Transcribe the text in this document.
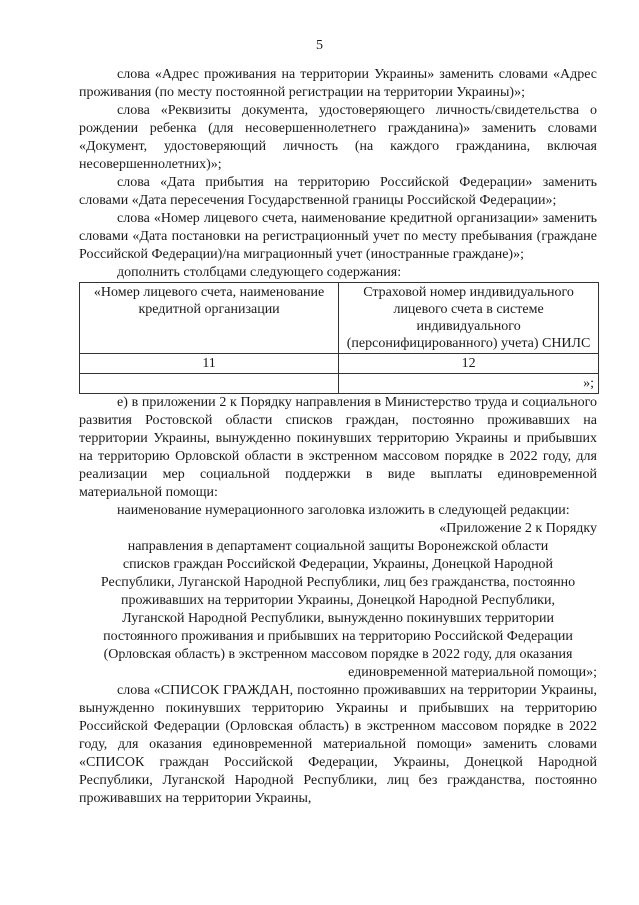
5

слова «Адрес проживания на территории Украины» заменить словами «Адрес проживания (по месту постоянной регистрации на территории Украины)»;

слова «Реквизиты документа, удостоверяющего личность/свидетельства о рождении ребенка (для несовершеннолетнего гражданина)» заменить словами «Документ, удостоверяющий личность (на каждого гражданина, включая несовершеннолетних)»;

слова «Дата прибытия на территорию Российской Федерации» заменить словами «Дата пересечения Государственной границы Российской Федерации»;

слова «Номер лицевого счета, наименование кредитной организации» заменить словами «Дата постановки на регистрационный учет по месту пребывания (граждане Российской Федерации)/на миграционный учет (иностранные граждане)»;

дополнить столбцами следующего содержания:

«Номер лицевого счета, наименование кредитной организации	Страховой номер индивидуального лицевого счета в системе индивидуального (персонифицированного) учета) СНИЛС
11	12
	»;

е) в приложении 2 к Порядку направления в Министерство труда и социального развития Ростовской области списков граждан, постоянно проживавших на территории Украины, вынужденно покинувших территорию Украины и прибывших на территорию Орловской области в экстренном массовом порядке в 2022 году, для реализации мер социальной поддержки в виде выплаты единовременной материальной помощи:

наименование нумерационного заголовка изложить в следующей редакции:

«Приложение 2 к Порядку

направления в департамент социальной защиты Воронежской области

списков граждан Российской Федерации, Украины, Донецкой Народной

Республики, Луганской Народной Республики, лиц без гражданства, постоянно

проживавших на территории Украины, Донецкой Народной Республики,

Луганской Народной Республики, вынужденно покинувших территории

постоянного проживания и прибывших на территорию Российской Федерации

(Орловская область) в экстренном массовом порядке в 2022 году, для оказания

единовременной материальной помощи»;

слова «СПИСОК ГРАЖДАН, постоянно проживавших на территории Украины, вынужденно покинувших территорию Украины и прибывших на территорию Российской Федерации (Орловская область) в экстренном массовом порядке в 2022 году, для оказания единовременной материальной помощи» заменить словами «СПИСОК граждан Российской Федерации, Украины, Донецкой Народной Республики, Луганской Народной Республики, лиц без гражданства, постоянно проживавших на территории Украины,
